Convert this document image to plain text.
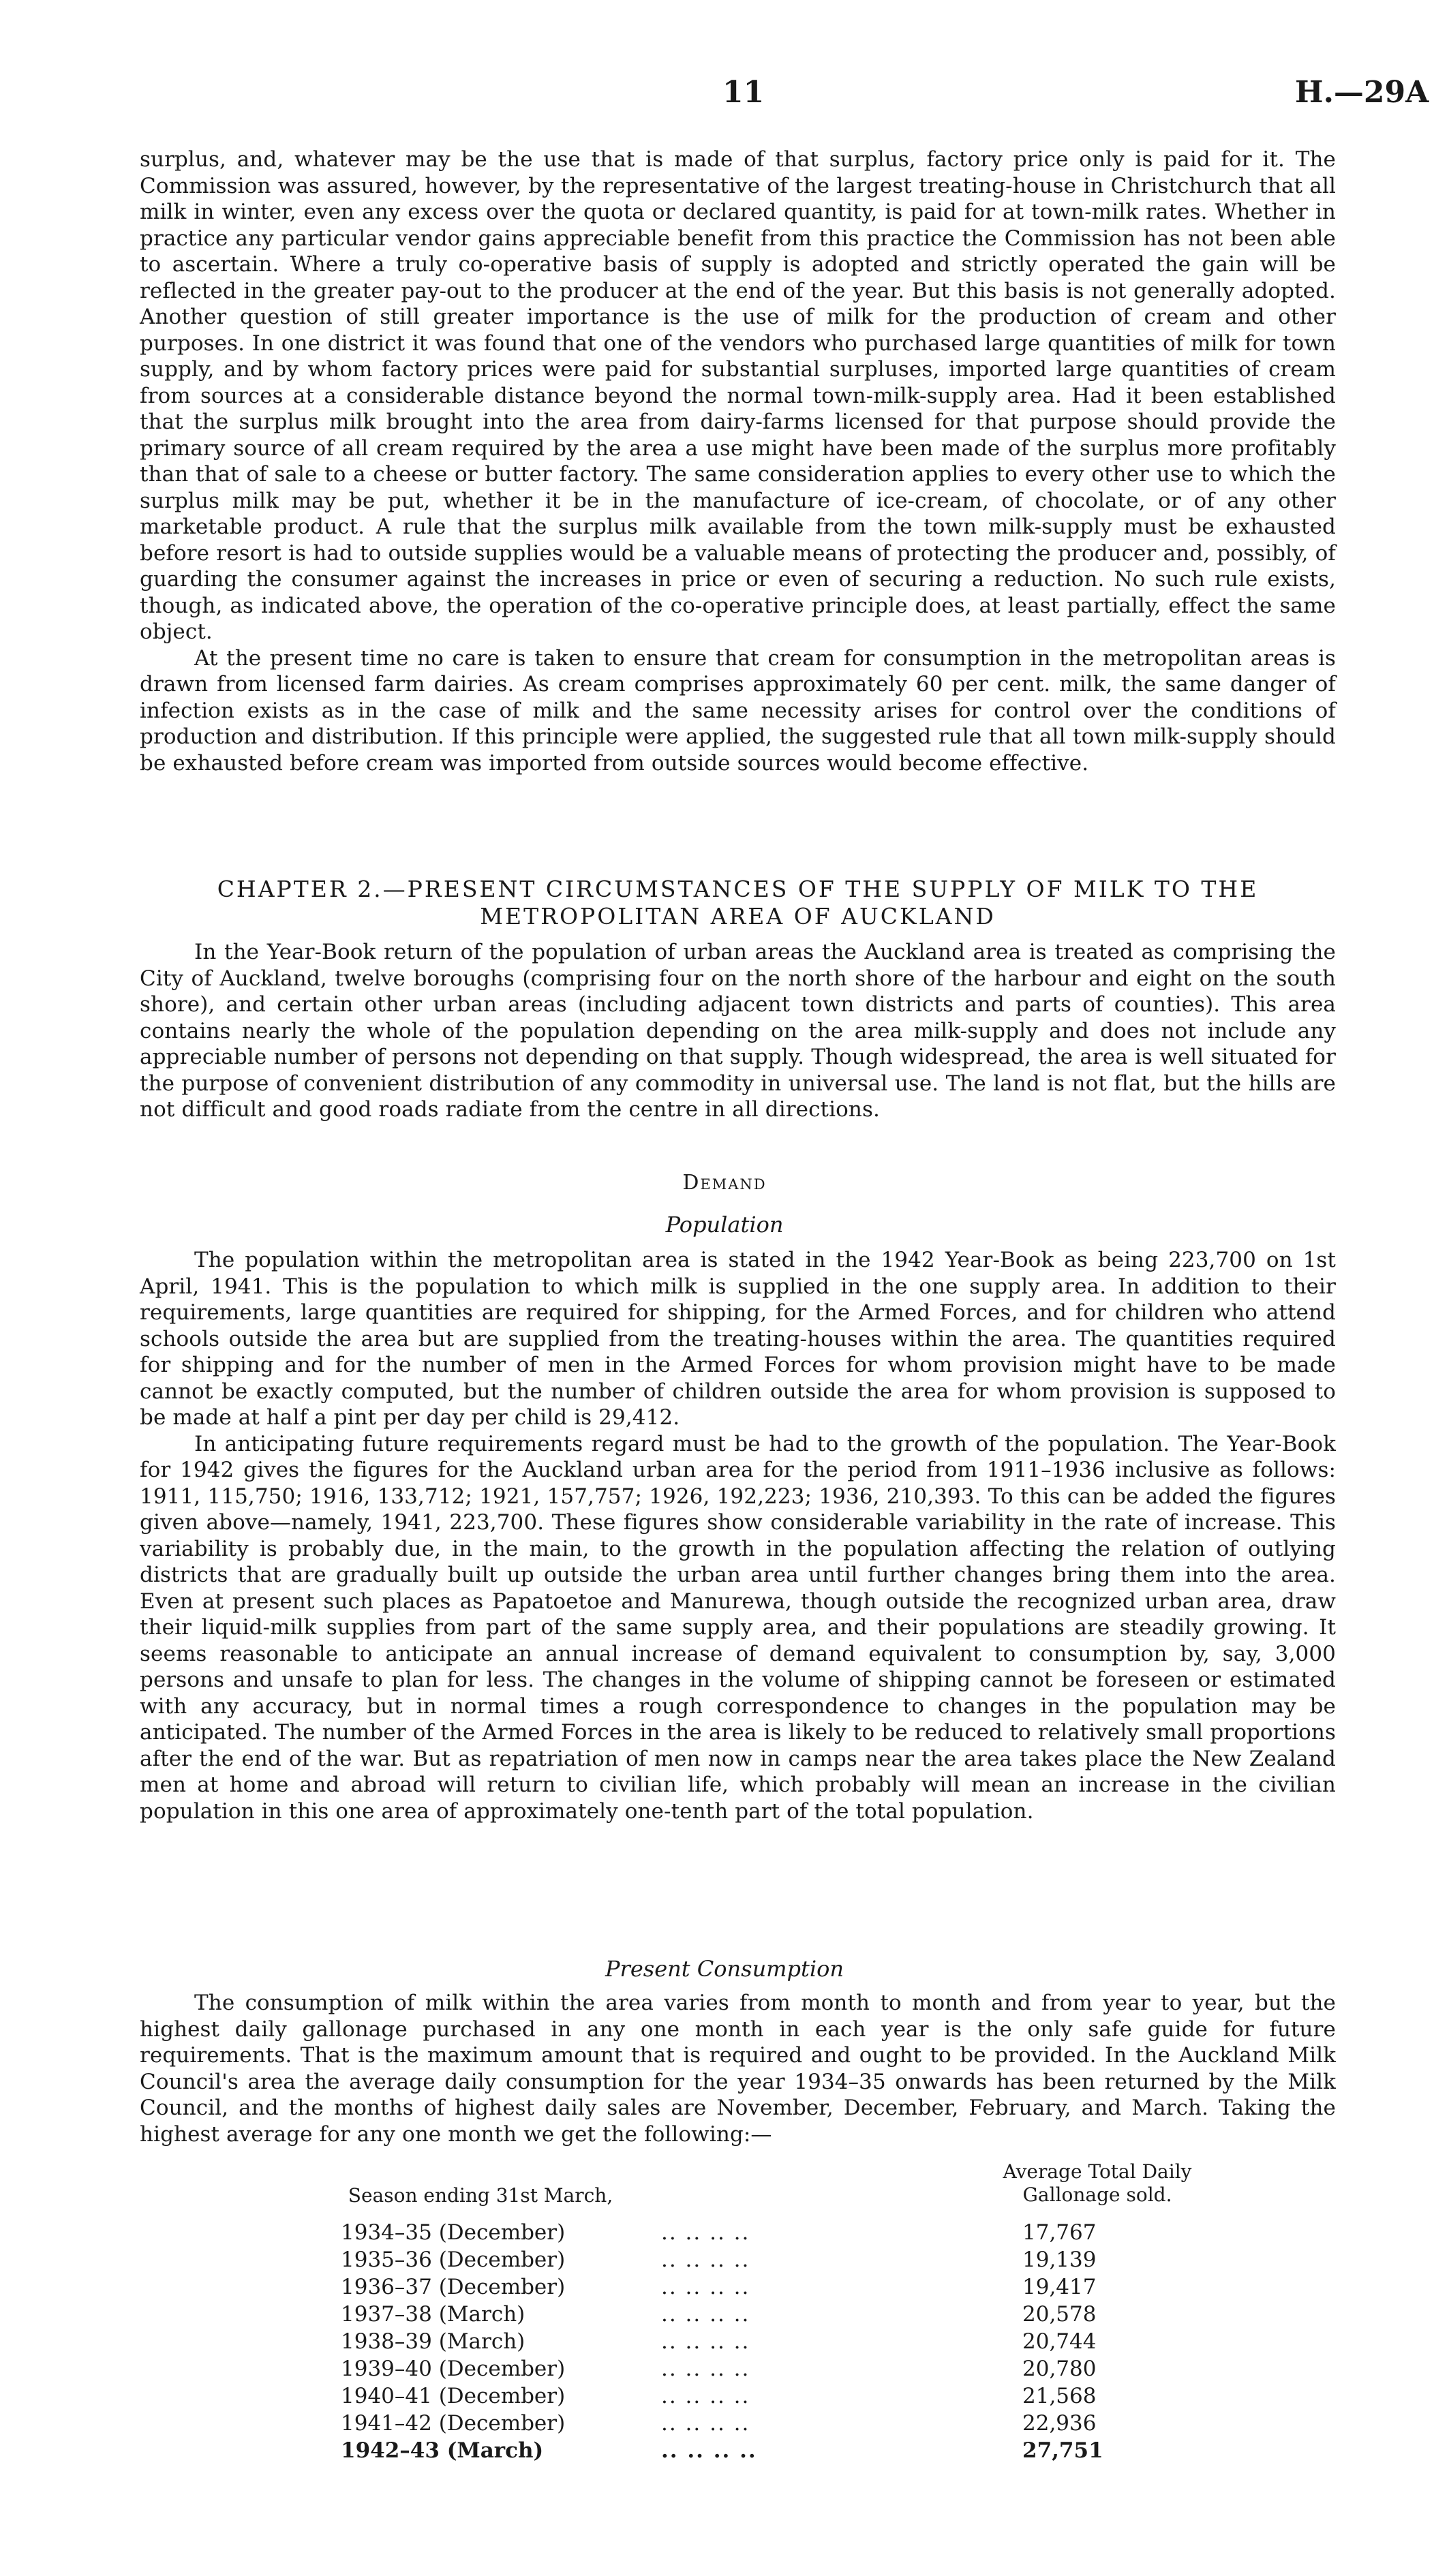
11	H.—29A

surplus, and, whatever may be the use that is made of that surplus, factory price only is paid for it. The Commission was assured, however, by the representative of the largest treating-house in Christchurch that all milk in winter, even any excess over the quota or declared quantity, is paid for at town-milk rates. Whether in practice any particular vendor gains appreciable benefit from this practice the Commission has not been able to ascertain. Where a truly co-operative basis of supply is adopted and strictly operated the gain will be reflected in the greater pay-out to the producer at the end of the year. But this basis is not generally adopted. Another question of still greater importance is the use of milk for the production of cream and other purposes. In one district it was found that one of the vendors who purchased large quantities of milk for town supply, and by whom factory prices were paid for substantial surpluses, imported large quantities of cream from sources at a considerable distance beyond the normal town-milk-supply area. Had it been established that the surplus milk brought into the area from dairy-farms licensed for that purpose should provide the primary source of all cream required by the area a use might have been made of the surplus more profitably than that of sale to a cheese or butter factory. The same consideration applies to every other use to which the surplus milk may be put, whether it be in the manufacture of ice-cream, of chocolate, or of any other marketable product. A rule that the surplus milk available from the town milk-supply must be exhausted before resort is had to outside supplies would be a valuable means of protecting the producer and, possibly, of guarding the consumer against the increases in price or even of securing a reduction. No such rule exists, though, as indicated above, the operation of the co-operative principle does, at least partially, effect the same object.

At the present time no care is taken to ensure that cream for consumption in the metropolitan areas is drawn from licensed farm dairies. As cream comprises approximately 60 per cent. milk, the same danger of infection exists as in the case of milk and the same necessity arises for control over the conditions of production and distribution. If this principle were applied, the suggested rule that all town milk-supply should be exhausted before cream was imported from outside sources would become effective.

CHAPTER 2.—PRESENT CIRCUMSTANCES OF THE SUPPLY OF MILK TO THE
METROPOLITAN AREA OF AUCKLAND

In the Year-Book return of the population of urban areas the Auckland area is treated as comprising the City of Auckland, twelve boroughs (comprising four on the north shore of the harbour and eight on the south shore), and certain other urban areas (including adjacent town districts and parts of counties). This area contains nearly the whole of the population depending on the area milk-supply and does not include any appreciable number of persons not depending on that supply. Though widespread, the area is well situated for the purpose of convenient distribution of any commodity in universal use. The land is not flat, but the hills are not difficult and good roads radiate from the centre in all directions.

Demand
Population

The population within the metropolitan area is stated in the 1942 Year-Book as being 223,700 on 1st April, 1941. This is the population to which milk is supplied in the one supply area. In addition to their requirements, large quantities are required for shipping, for the Armed Forces, and for children who attend schools outside the area but are supplied from the treating-houses within the area. The quantities required for shipping and for the number of men in the Armed Forces for whom provision might have to be made cannot be exactly computed, but the number of children outside the area for whom provision is supposed to be made at half a pint per day per child is 29,412.

In anticipating future requirements regard must be had to the growth of the population. The Year-Book for 1942 gives the figures for the Auckland urban area for the period from 1911–1936 inclusive as follows: 1911, 115,750; 1916, 133,712; 1921, 157,757; 1926, 192,223; 1936, 210,393. To this can be added the figures given above—namely, 1941, 223,700. These figures show considerable variability in the rate of increase. This variability is probably due, in the main, to the growth in the population affecting the relation of outlying districts that are gradually built up outside the urban area until further changes bring them into the area. Even at present such places as Papatoetoe and Manurewa, though outside the recognized urban area, draw their liquid-milk supplies from part of the same supply area, and their populations are steadily growing. It seems reasonable to anticipate an annual increase of demand equivalent to consumption by, say, 3,000 persons and unsafe to plan for less. The changes in the volume of shipping cannot be foreseen or estimated with any accuracy, but in normal times a rough correspondence to changes in the population may be anticipated. The number of the Armed Forces in the area is likely to be reduced to relatively small proportions after the end of the war. But as repatriation of men now in camps near the area takes place the New Zealand men at home and abroad will return to civilian life, which probably will mean an increase in the civilian population in this one area of approximately one-tenth part of the total population.

Present Consumption

The consumption of milk within the area varies from month to month and from year to year, but the highest daily gallonage purchased in any one month in each year is the only safe guide for future requirements. That is the maximum amount that is required and ought to be provided. In the Auckland Milk Council's area the average daily consumption for the year 1934–35 onwards has been returned by the Milk Council, and the months of highest daily sales are November, December, February, and March. Taking the highest average for any one month we get the following:—

Season ending 31st March,
Average Total Daily
Gallonage sold.
1934–35 (December)	.. .. .. ..	17,767
1935–36 (December)	.. .. .. ..	19,139
1936–37 (December)	.. .. .. ..	19,417
1937–38 (March)	.. .. .. ..	20,578
1938–39 (March)	.. .. .. ..	20,744
1939–40 (December)	.. .. .. ..	20,780
1940–41 (December)	.. .. .. ..	21,568
1941–42 (December)	.. .. .. ..	22,936
1942–43 (March)	.. .. .. ..	27,751
